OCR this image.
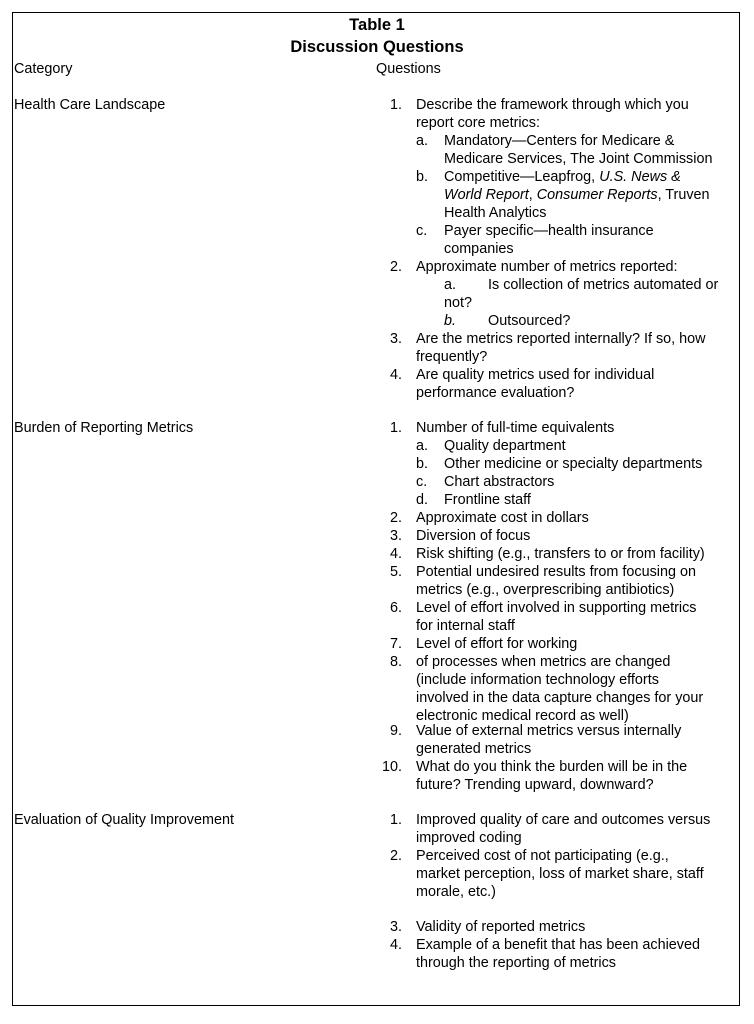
Table 1
Discussion Questions
Category	Questions
Health Care Landscape	1. Describe the framework through which you
report core metrics:
a. Mandatory—Centers for Medicare &
Medicare Services, The Joint Commission
b. Competitive—Leapfrog, U.S. News &
World Report, Consumer Reports, Truven
Health Analytics
c. Payer specific—health insurance
companies
2. Approximate number of metrics reported:
a. Is collection of metrics automated or
not?
b. Outsourced?
3. Are the metrics reported internally? If so, how
frequently?
4. Are quality metrics used for individual
performance evaluation?
Burden of Reporting Metrics	1. Number of full-time equivalents
a. Quality department
b. Other medicine or specialty departments
c. Chart abstractors
d. Frontline staff
2. Approximate cost in dollars
3. Diversion of focus
4. Risk shifting (e.g., transfers to or from facility)
5. Potential undesired results from focusing on
metrics (e.g., overprescribing antibiotics)
6. Level of effort involved in supporting metrics
for internal staff
7. Level of effort for working
8. of processes when metrics are changed
(include information technology efforts
involved in the data capture changes for your
electronic medical record as well)
9. Value of external metrics versus internally
generated metrics
10. What do you think the burden will be in the
future? Trending upward, downward?
Evaluation of Quality Improvement	1. Improved quality of care and outcomes versus
improved coding
2. Perceived cost of not participating (e.g.,
market perception, loss of market share, staff
morale, etc.)
3. Validity of reported metrics
4. Example of a benefit that has been achieved
through the reporting of metrics
